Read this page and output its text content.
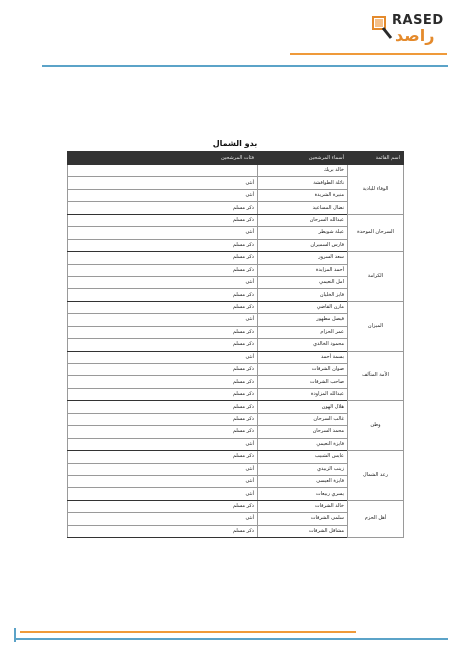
RASED
راصد
بدو الشمال
اسم القائمة	أسماء المرشحين	فئات المرشحين
الوفاء للبادية	خالد بريك	
	نائلة الطوافشة	أنثى
	منيرة الشريدة	أنثى
	نضال المساعيد	ذكر مسلم
السرحان الموحدة	عبدالله السرحان	ذكر مسلم
	عبلة شويطر	أنثى
	فارس السميران	ذكر مسلم
الكرامة	سعد السرور	ذكر مسلم
	أحمد المزايدة	ذكر مسلم
	امل النعيمي	أنثى
	فايز الخليان	ذكر مسلم
الميزان	مازن القاضي	ذكر مسلم
	فيصل مطهور	أنثى
	عمر الحزام	ذكر مسلم
	محمود الخالدي	ذكر مسلم
الأمة المتآلف	بسمة أحمد	أنثى
	صوان الشرفات	ذكر مسلم
	صاحب الشرفات	ذكر مسلم
	عبدالله المزاودة	ذكر مسلم
وطن	هلال الهون	ذكر مسلم
	غالب السرحان	ذكر مسلم
	محمد السرحان	ذكر مسلم
	فايزة النعيمي	أنثى
رعد الشمال	عايس الشبيب	ذكر مسلم
	زينب الزبيدي	أنثى
	فايزة العيسى	أنثى
	يسري ربيعات	أنثى
أهل الحزم	خالد الشرفات	ذكر مسلم
	سلمى الشرفات	أنثى
	مشاقل الشرفات	ذكر مسلم
